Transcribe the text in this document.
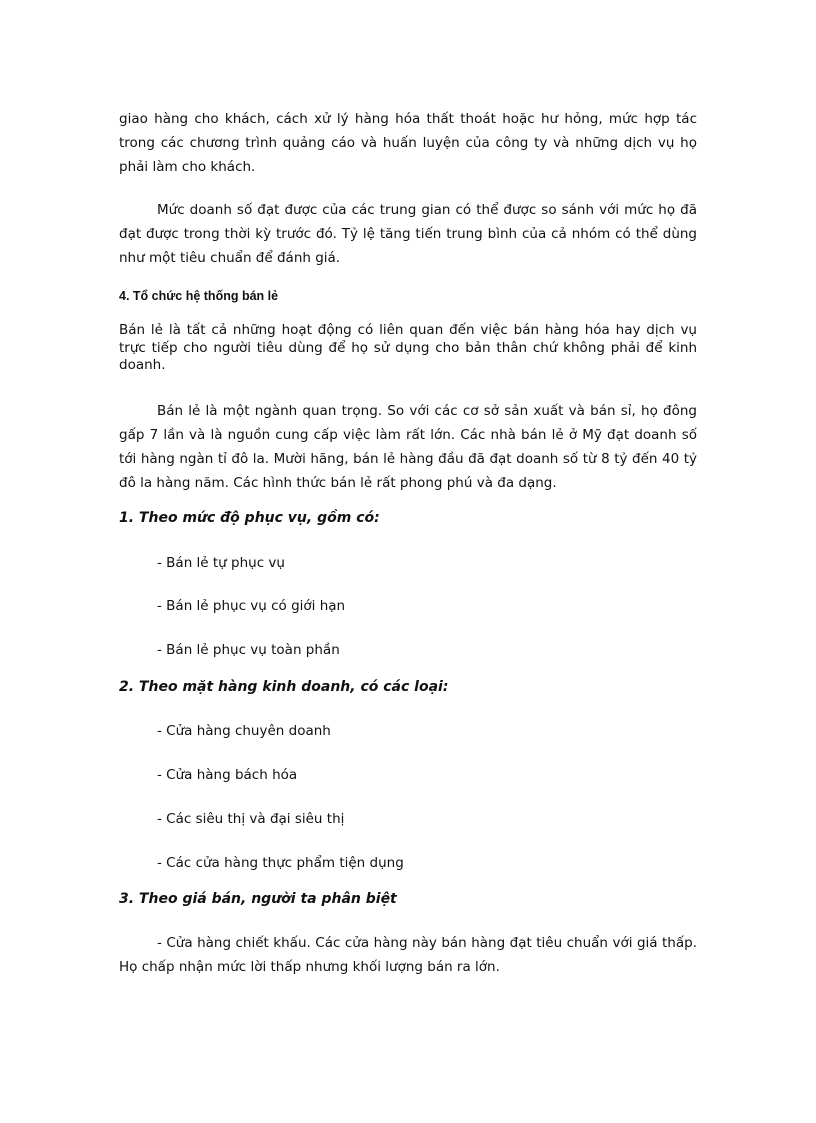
giao hàng cho khách, cách xử lý hàng hóa thất thoát hoặc hư hỏng, mức hợp tác trong các chương trình quảng cáo và huấn luyện của công ty và những dịch vụ họ phải làm cho khách.

Mức doanh số đạt được của các trung gian có thể được so sánh với mức họ đã đạt được trong thời kỳ trước đó. Tỷ lệ tăng tiến trung bình của cả nhóm có thể dùng như một tiêu chuẩn để đánh giá.

4. Tổ chức hệ thống bán lẻ

Bán lẻ là tất cả những hoạt động có liên quan đến việc bán hàng hóa hay dịch vụ trực tiếp cho người tiêu dùng để họ sử dụng cho bản thân chứ không phải để kinh doanh.

Bán lẻ là một ngành quan trọng. So với các cơ sở sản xuất và bán sỉ, họ đông gấp 7 lần và là nguồn cung cấp việc làm rất lớn. Các nhà bán lẻ ở Mỹ đạt doanh số tới hàng ngàn tỉ đô la. Mười hãng, bán lẻ hàng đầu đã đạt doanh số từ 8 tỷ đến 40 tỷ đô la hàng năm. Các hình thức bán lẻ rất phong phú và đa dạng.

1. Theo mức độ phục vụ, gồm có:

- Bán lẻ tự phục vụ

- Bán lẻ phục vụ có giới hạn

- Bán lẻ phục vụ toàn phần

2. Theo mặt hàng kinh doanh, có các loại:

- Cửa hàng chuyên doanh

- Cửa hàng bách hóa

- Các siêu thị và đại siêu thị

- Các cửa hàng thực phẩm tiện dụng

3. Theo giá bán, người ta phân biệt

- Cửa hàng chiết khấu. Các cửa hàng này bán hàng đạt tiêu chuẩn với giá thấp. Họ chấp nhận mức lời thấp nhưng khối lượng bán ra lớn.
